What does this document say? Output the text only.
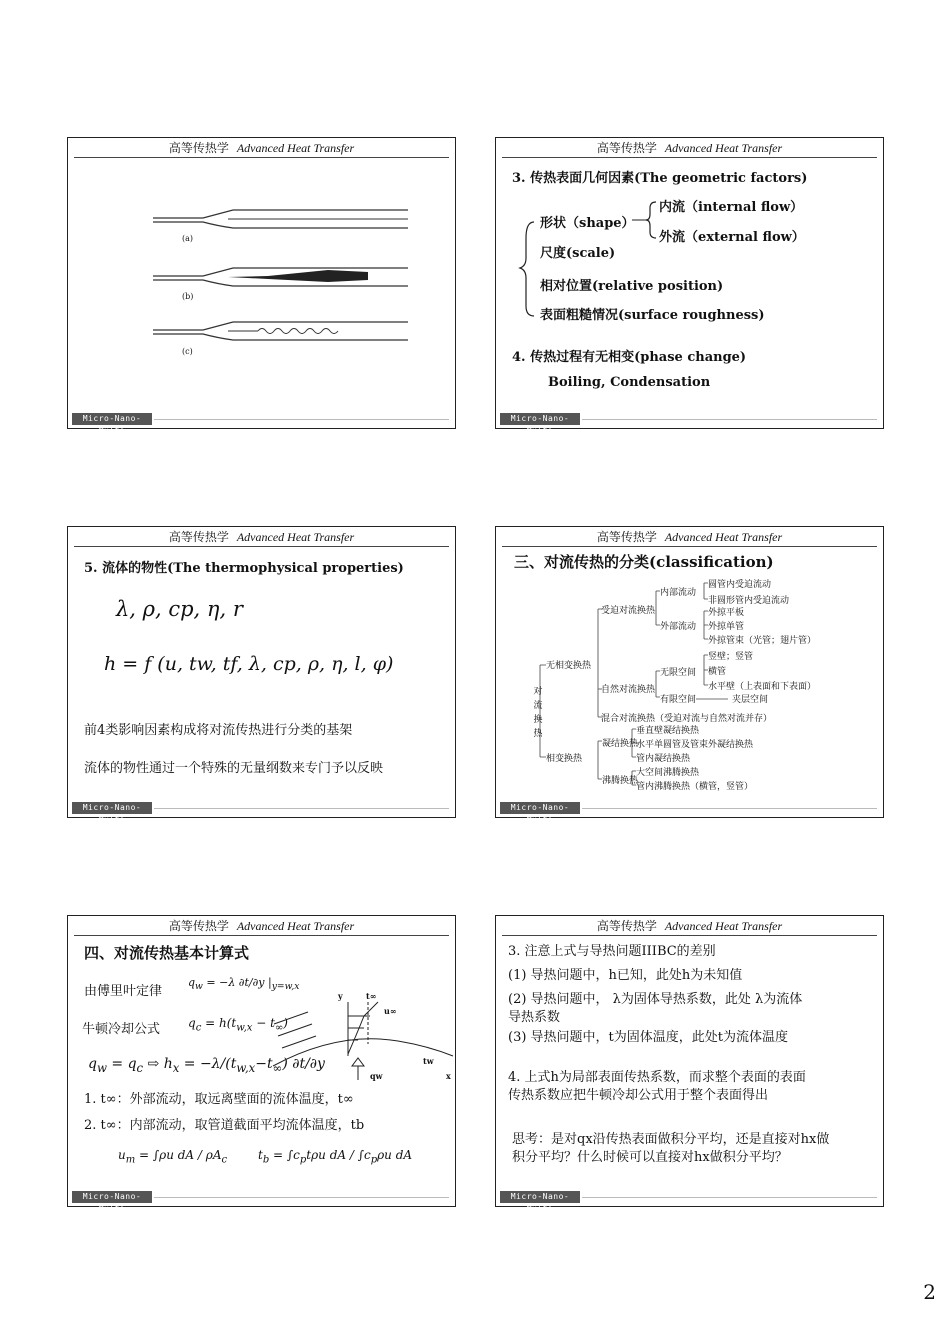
高等传热学 Advanced Heat Transfer
(a)
(b)
(c)
Micro-Nano-Multi
高等传热学 Advanced Heat Transfer
3. 传热表面几何因素(The geometric factors)
形状（shape）
内流（internal flow）
外流（external flow）
尺度(scale)
相对位置(relative position)
表面粗糙情况(surface roughness)
4. 传热过程有无相变(phase change)
Boiling, Condensation
Micro-Nano-Multi
高等传热学 Advanced Heat Transfer
5. 流体的物性(The thermophysical properties)
λ, ρ, cp, η, r
h = f (u, tw, tf, λ, cp, ρ, η, l, φ)
前4类影响因素构成将对流传热进行分类的基架
流体的物性通过一个特殊的无量纲数来专门予以反映
Micro-Nano-Multi
高等传热学 Advanced Heat Transfer
三、对流传热的分类(classification)
对流换热
无相变换热
受迫对流换热
内部流动
外部流动
圆管内受迫流动
非圆形管内受迫流动
外掠平板
外掠单管
外掠管束（光管；翅片管）
自然对流换热
无限空间
竖壁；竖管
横管
水平壁（上表面和下表面）
有限空间	夹层空间
混合对流换热（受迫对流与自然对流并存）
相变换热
凝结换热
沸腾换热
垂直壁凝结换热
水平单圆管及管束外凝结换热
管内凝结换热
大空间沸腾换热
管内沸腾换热（横管，竖管）
Micro-Nano-Multi
高等传热学 Advanced Heat Transfer
四、对流传热基本计算式
由傅里叶定律
$q_w = -\lambda$ ∂t/∂y $|_{y=w,x}$
牛顿冷却公式 $q_c = h(t_{w,x} - t_\infty)$
$q_w = q_c$ ⇨ $h_x = -\lambda/(t_{w,x}-t_\infty)$ ∂t/∂y
y	t∞
u∞
qw
tw
x
1. t∞：外部流动，取远离壁面的流体温度，t∞
2. t∞：内部流动，取管道截面平均流体温度，tb
$u_m = \int\rho u$ dA / $\rho A_c$	$t_b = \int c_pt\rho u$ dA / $\int c_p\rho u$ dA
Micro-Nano-Multi
高等传热学 Advanced Heat Transfer
3. 注意上式与导热问题IIIBC的差别
(1) 导热问题中，h已知，此处h为未知值
(2) 导热问题中， λ为固体导热系数，此处 λ为流体
导热系数
(3) 导热问题中，t为固体温度，此处t为流体温度
4. 上式h为局部表面传热系数，而求整个表面的表面
传热系数应把牛顿冷却公式用于整个表面得出
思考：是对qx沿传热表面做积分平均，还是直接对hx做
积分平均？什么时候可以直接对hx做积分平均？
Micro-Nano-Multi
2
